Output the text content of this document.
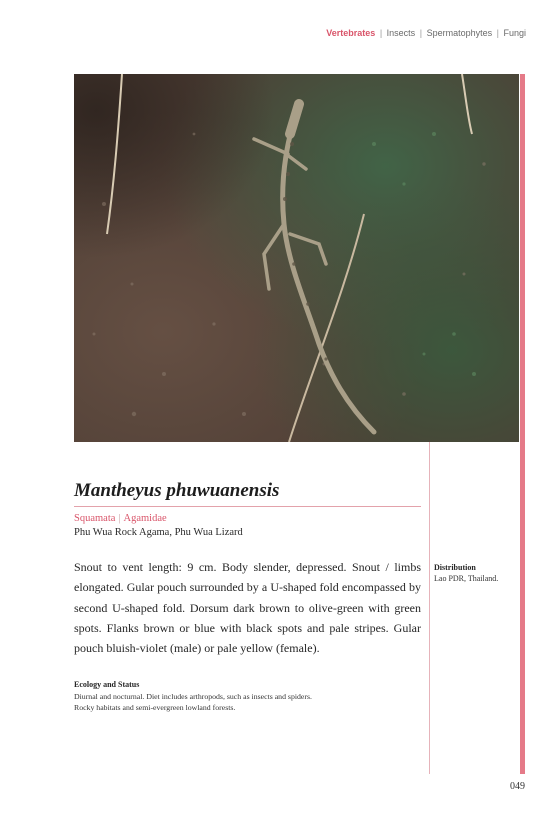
Vertebrates | Insects | Spermatophytes | Fungi
Mantheyus phuwuanensis
Squamata | Agamidae
Phu Wua Rock Agama, Phu Wua Lizard

Snout to vent length: 9 cm. Body slender, depressed. Snout / limbs elongated. Gular pouch surrounded by a U-shaped fold encompassed by second U-shaped fold. Dorsum dark brown to olive-green with green spots. Flanks brown or blue with black spots and pale stripes. Gular pouch bluish-violet (male) or pale yellow (female).

Ecology and Status
Diurnal and nocturnal. Diet includes arthropods, such as insects and spiders.
Rocky habitats and semi-evergreen lowland forests.
Distribution
Lao PDR, Thailand.
049
